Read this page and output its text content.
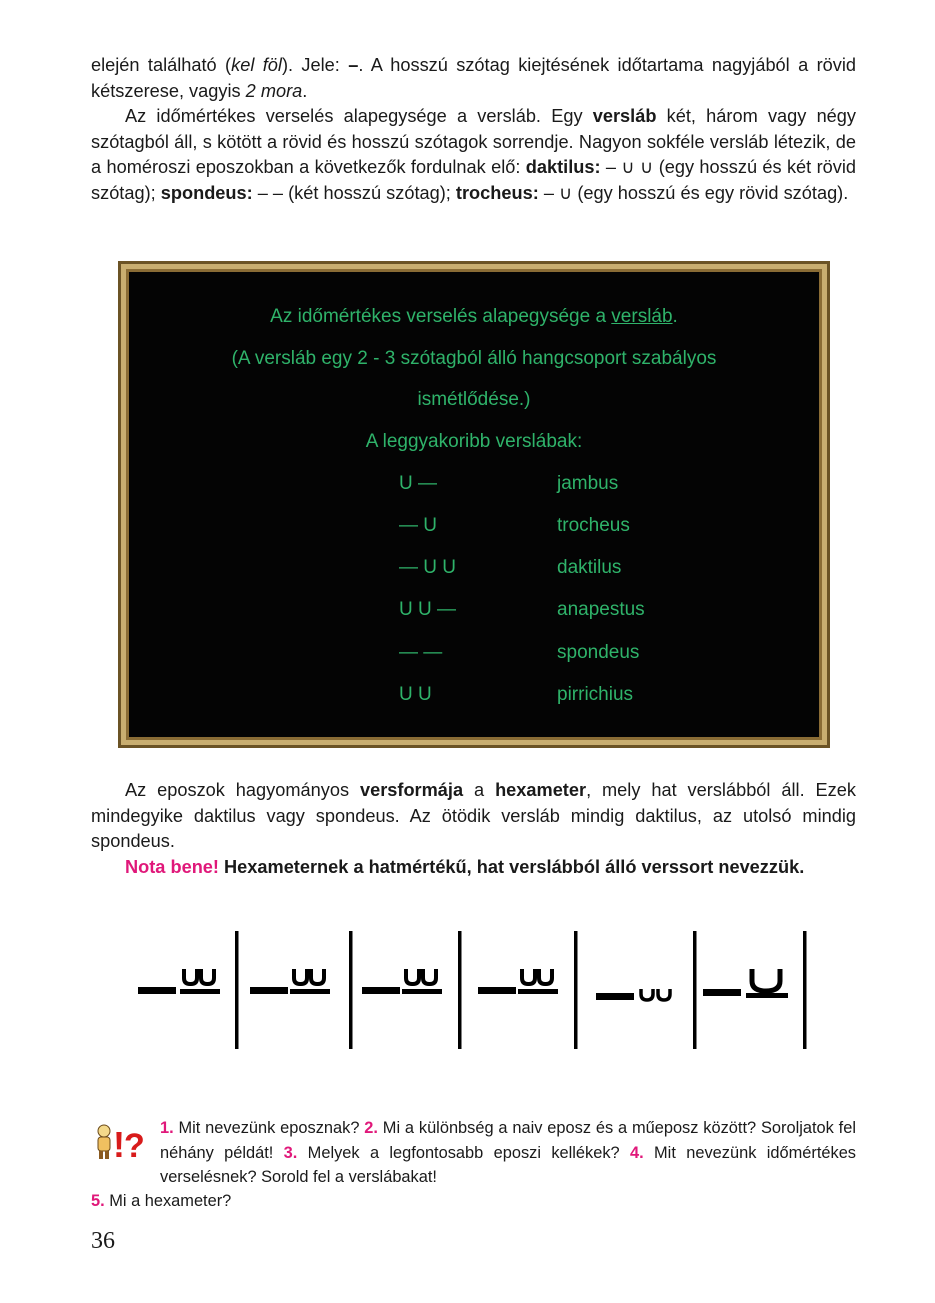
elején található (kel föl). Jele: –. A hosszú szótag kiejtésének időtartama nagyjából a rövid kétszerese, vagyis 2 mora.
Az időmértékes verselés alapegysége a versláb. Egy versláb két, három vagy négy szótagból áll, s kötött a rövid és hosszú szótagok sorrendje. Nagyon sokféle versláb létezik, de a homéroszi eposzokban a következők fordulnak elő: daktilus: – ∪ ∪ (egy hosszú és két rövid szótag); spondeus: – – (két hosszú szótag); trocheus: – ∪ (egy hosszú és egy rövid szótag).
Az időmértékes verselés alapegysége a versláb.
(A versláb egy 2 - 3 szótagból álló hangcsoport szabályos
ismétlődése.)
A leggyakoribb verslábak:
U —	jambus
— U	trocheus
— U U	daktilus
U U —	anapestus
— —	spondeus
U U	pirrichius
Az eposzok hagyományos versformája a hexameter, mely hat verslábból áll. Ezek mindegyike daktilus vagy spondeus. Az ötödik versláb mindig daktilus, az utolsó mindig spondeus.
Nota bene! Hexameternek a hatmértékű, hat verslábból álló verssort nevezzük.
! ? 1. Mit nevezünk eposznak? 2. Mi a különbség a naiv eposz és a műeposz között? Soroljatok fel néhány példát! 3. Melyek a legfontosabb eposzi kellékek? 4. Mit nevezünk időmértékes verselésnek? Sorold fel a verslábakat!
5. Mi a hexameter?
36
